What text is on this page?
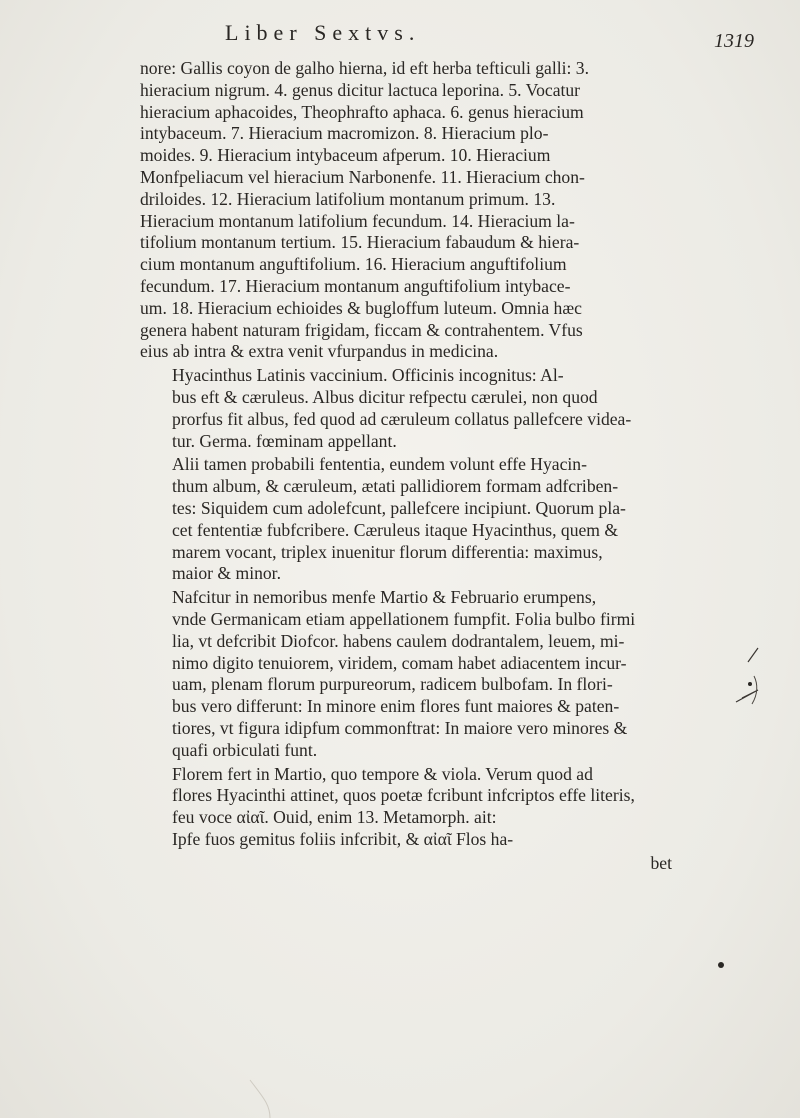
Liber Sextvs.	1319

nore: Gallis coyon de galho hierna, id eft herba tefticuli galli: 3.
hieracium nigrum. 4. genus dicitur lactuca leporina. 5. Vocatur
hieracium aphacoides, Theophrafto aphaca. 6. genus hieracium
intybaceum. 7. Hieracium macromizon. 8. Hieracium plo-
moides. 9. Hieracium intybaceum afperum. 10. Hieracium
Monfpeliacum vel hieracium Narbonenfe. 11. Hieracium chon-
driloides. 12. Hieracium latifolium montanum primum. 13.
Hieracium montanum latifolium fecundum. 14. Hieracium la-
tifolium montanum tertium. 15. Hieracium fabaudum & hiera-
cium montanum anguftifolium. 16. Hieracium anguftifolium
fecundum. 17. Hieracium montanum anguftifolium intybace-
um. 18. Hieracium echioides & bugloffum luteum. Omnia hæc
genera habent naturam frigidam, ficcam & contrahentem. Vfus
eius ab intra & extra venit vfurpandus in medicina.

Hyacinthus Latinis vaccinium. Officinis incognitus: Al-
bus eft & cæruleus. Albus dicitur refpectu cærulei, non quod
prorfus fit albus, fed quod ad cæruleum collatus pallefcere videa-
tur. Germa. fœminam appellant.

Alii tamen probabili fententia, eundem volunt effe Hyacin-
thum album, & cæruleum, ætati pallidiorem formam adfcriben-
tes: Siquidem cum adolefcunt, pallefcere incipiunt. Quorum pla-
cet fententiæ fubfcribere. Cæruleus itaque Hyacinthus, quem &
marem vocant, triplex inuenitur florum differentia: maximus,
maior & minor.

Nafcitur in nemoribus menfe Martio & Februario erumpens,
vnde Germanicam etiam appellationem fumpfit. Folia bulbo firmi
lia, vt defcribit Diofcor. habens caulem dodrantalem, leuem, mi-
nimo digito tenuiorem, viridem, comam habet adiacentem incur-
uam, plenam florum purpureorum, radicem bulbofam. In flori-
bus vero differunt: In minore enim flores funt maiores & paten-
tiores, vt figura idipfum commonftrat: In maiore vero minores &
quafi orbiculati funt.

Florem fert in Martio, quo tempore & viola. Verum quod ad
flores Hyacinthi attinet, quos poetæ fcribunt infcriptos effe literis,
feu voce αἰαῖ. Ouid, enim 13. Metamorph. ait:
Ipfe fuos gemitus foliis infcribit, & αἰαῖ Flos ha-

bet
